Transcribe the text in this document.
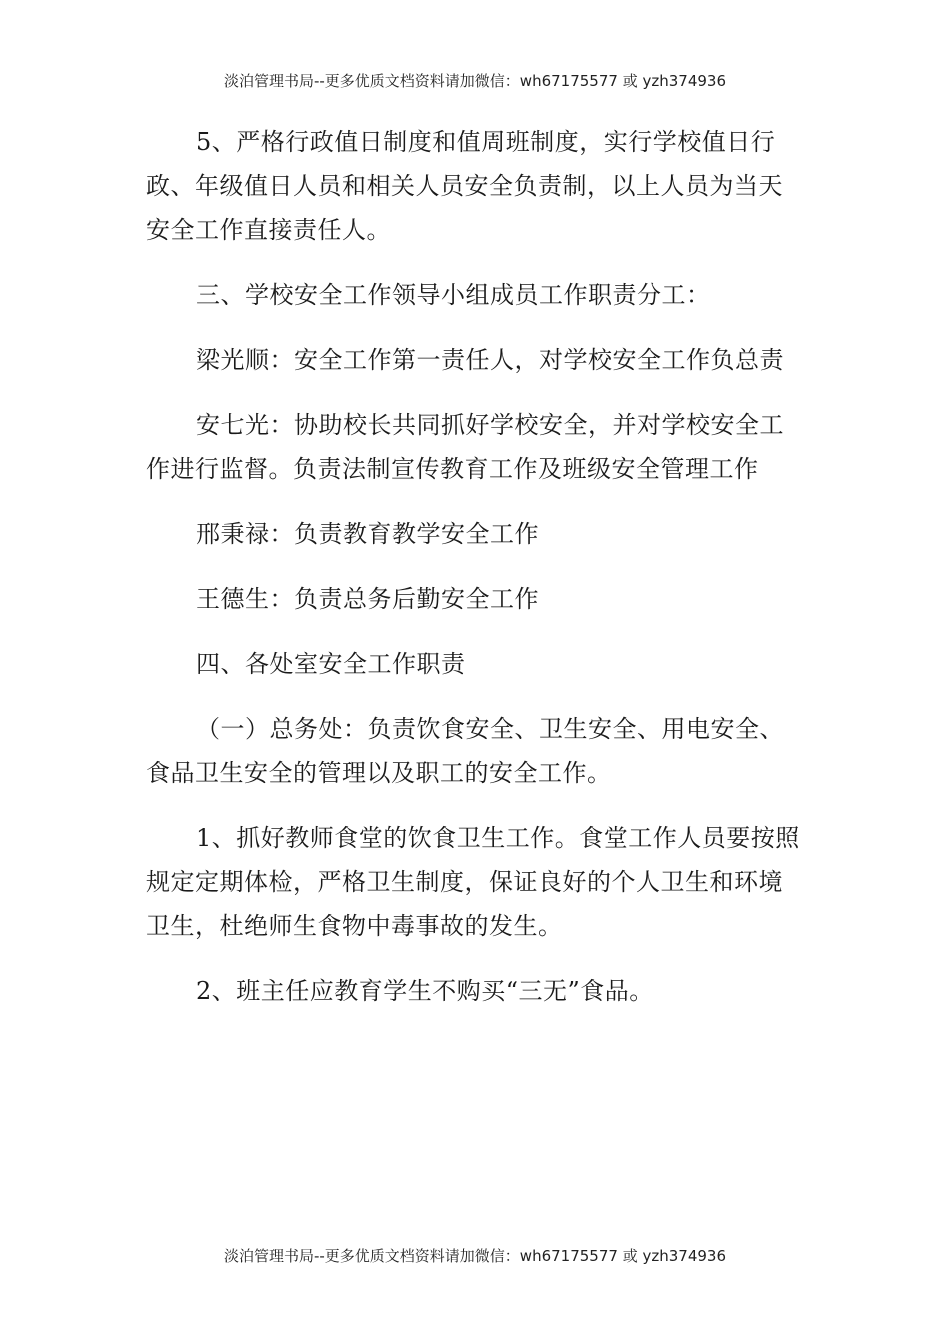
淡泊管理书局--更多优质文档资料请加微信：wh67175577 或 yzh374936

5、严格行政值日制度和值周班制度，实行学校值日行政、年级值日人员和相关人员安全负责制，以上人员为当天安全工作直接责任人。

三、学校安全工作领导小组成员工作职责分工：

梁光顺：安全工作第一责任人，对学校安全工作负总责

安七光：协助校长共同抓好学校安全，并对学校安全工作进行监督。负责法制宣传教育工作及班级安全管理工作

邢秉禄：负责教育教学安全工作

王德生：负责总务后勤安全工作

四、各处室安全工作职责

（一）总务处：负责饮食安全、卫生安全、用电安全、食品卫生安全的管理以及职工的安全工作。

1、抓好教师食堂的饮食卫生工作。食堂工作人员要按照规定定期体检，严格卫生制度，保证良好的个人卫生和环境卫生，杜绝师生食物中毒事故的发生。

2、班主任应教育学生不购买“三无”食品。

淡泊管理书局--更多优质文档资料请加微信：wh67175577 或 yzh374936
